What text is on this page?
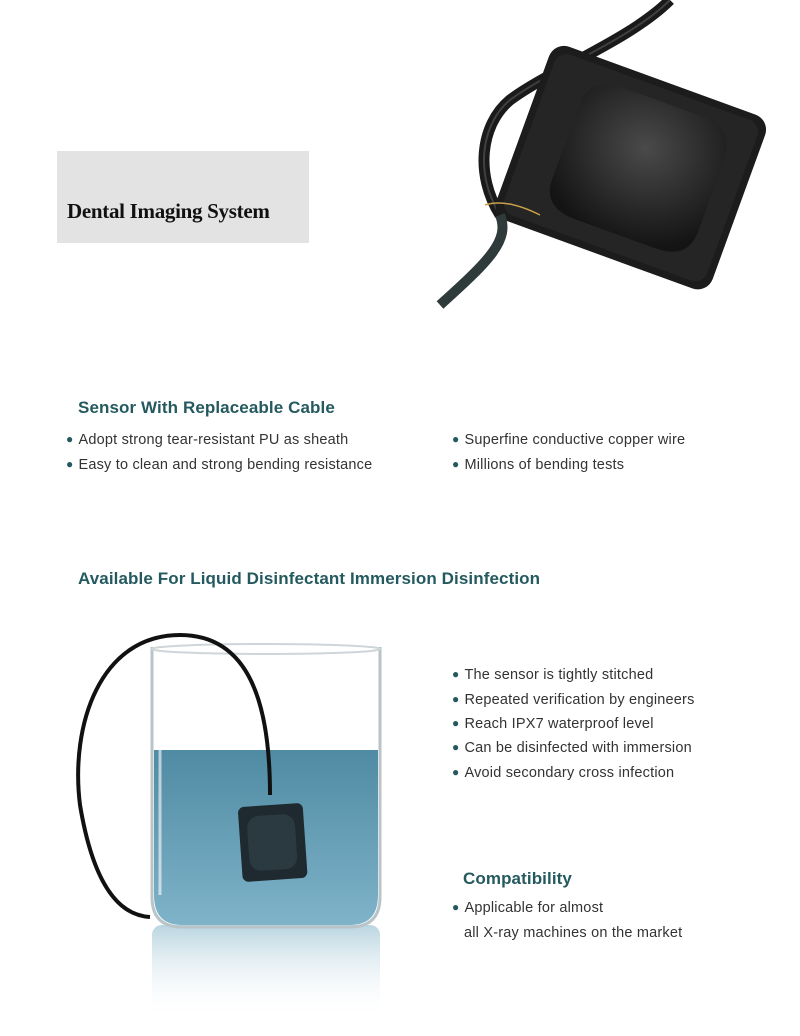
Dental Imaging System
Sensor With Replaceable Cable
● Adopt strong tear-resistant PU as sheath
● Easy to clean and strong bending resistance
● Superfine conductive copper wire
● Millions of bending tests
Available For Liquid Disinfectant Immersion Disinfection
● The sensor is tightly stitched
● Repeated verification by engineers
● Reach IPX7 waterproof level
● Can be disinfected with immersion
● Avoid secondary cross infection
Compatibility
● Applicable for almost
all X-ray machines on the market
